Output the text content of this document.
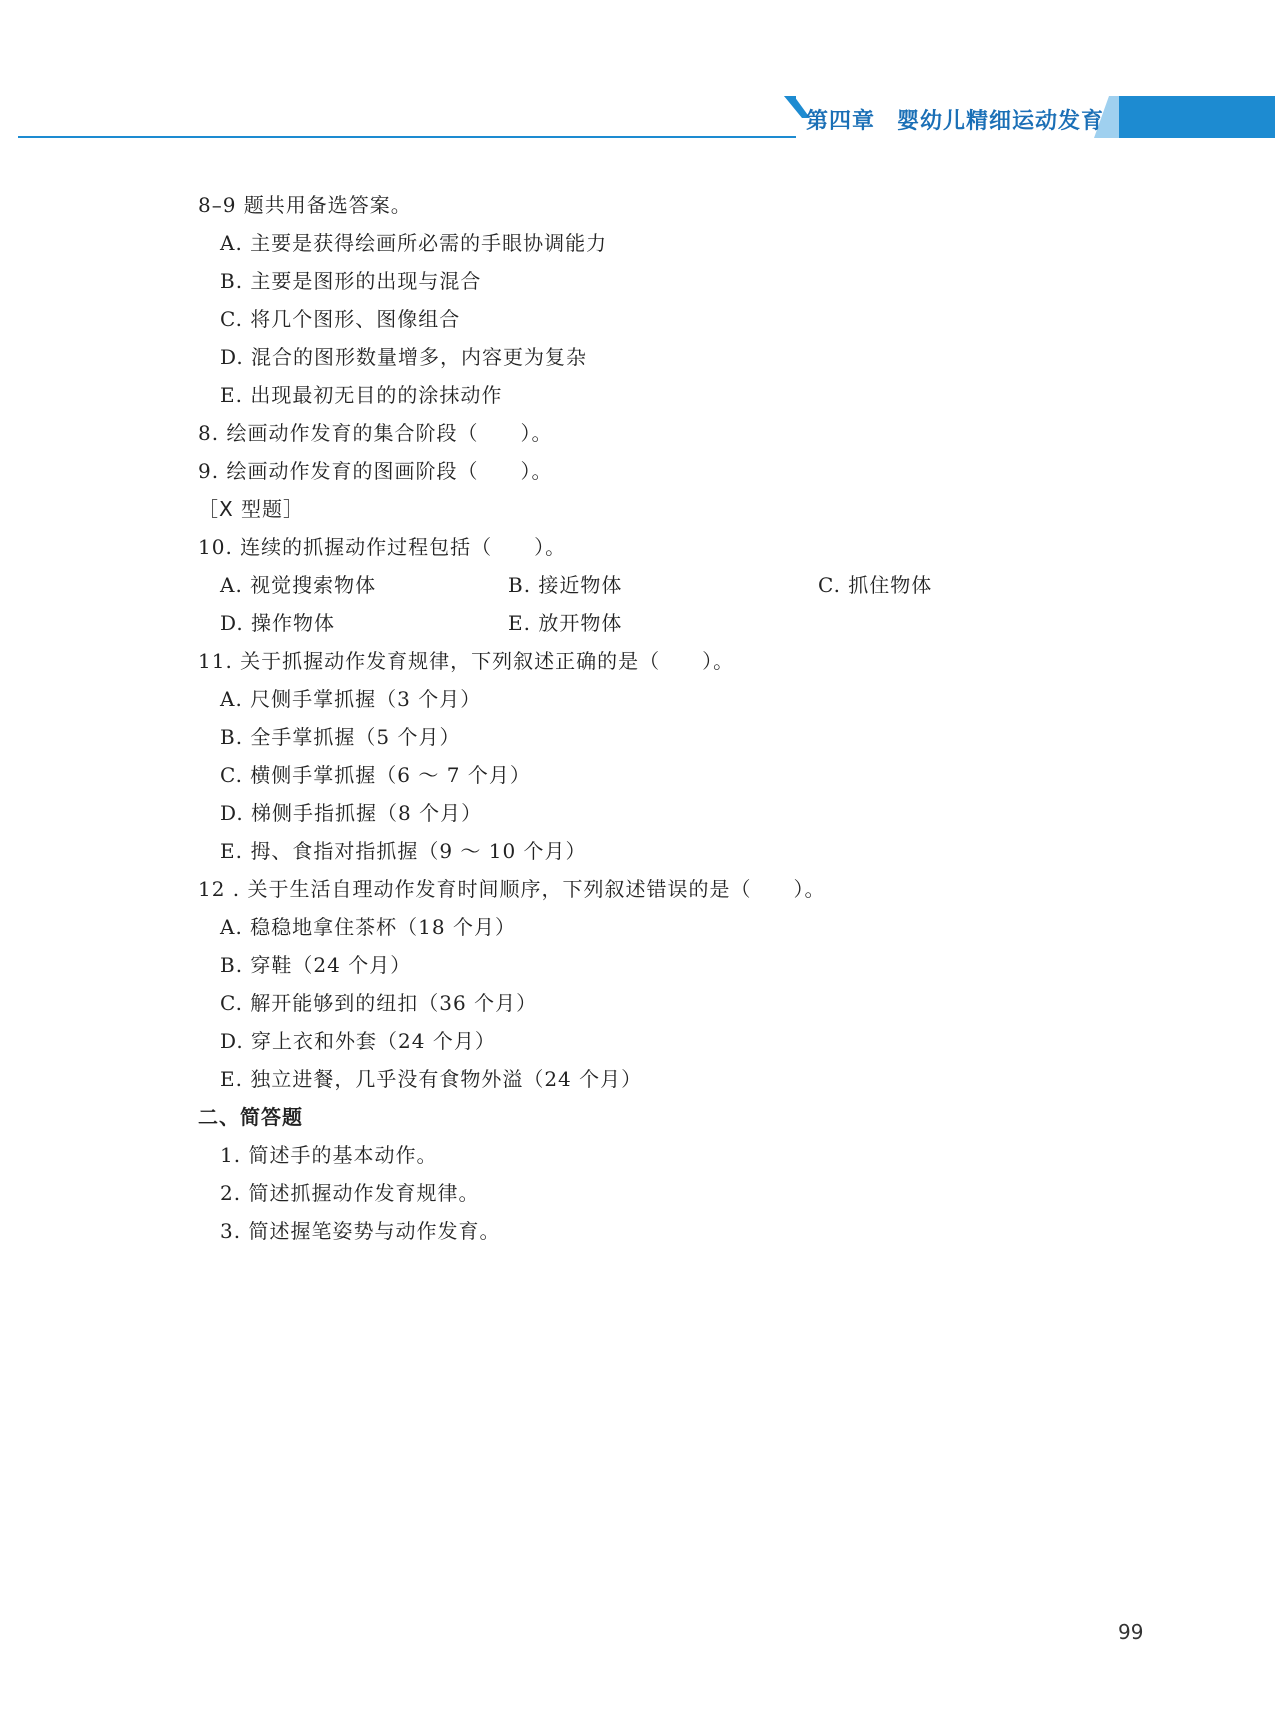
第四章 婴幼儿精细运动发育
8–9 题共用备选答案。
A. 主要是获得绘画所必需的手眼协调能力
B. 主要是图形的出现与混合
C. 将几个图形、图像组合
D. 混合的图形数量增多，内容更为复杂
E. 出现最初无目的的涂抹动作
8. 绘画动作发育的集合阶段（　　）。
9. 绘画动作发育的图画阶段（　　）。
［X 型题］
10. 连续的抓握动作过程包括（　　）。
A. 视觉搜索物体	B. 接近物体	C. 抓住物体
D. 操作物体	E. 放开物体
11. 关于抓握动作发育规律，下列叙述正确的是（　　）。
A. 尺侧手掌抓握（3 个月）
B. 全手掌抓握（5 个月）
C. 横侧手掌抓握（6 ～ 7 个月）
D. 梯侧手指抓握（8 个月）
E. 拇、食指对指抓握（9 ～ 10 个月）
12 . 关于生活自理动作发育时间顺序，下列叙述错误的是（　　）。
A. 稳稳地拿住茶杯（18 个月）
B. 穿鞋（24 个月）
C. 解开能够到的纽扣（36 个月）
D. 穿上衣和外套（24 个月）
E. 独立进餐，几乎没有食物外溢（24 个月）
二、简答题
1. 简述手的基本动作。
2. 简述抓握动作发育规律。
3. 简述握笔姿势与动作发育。
99
